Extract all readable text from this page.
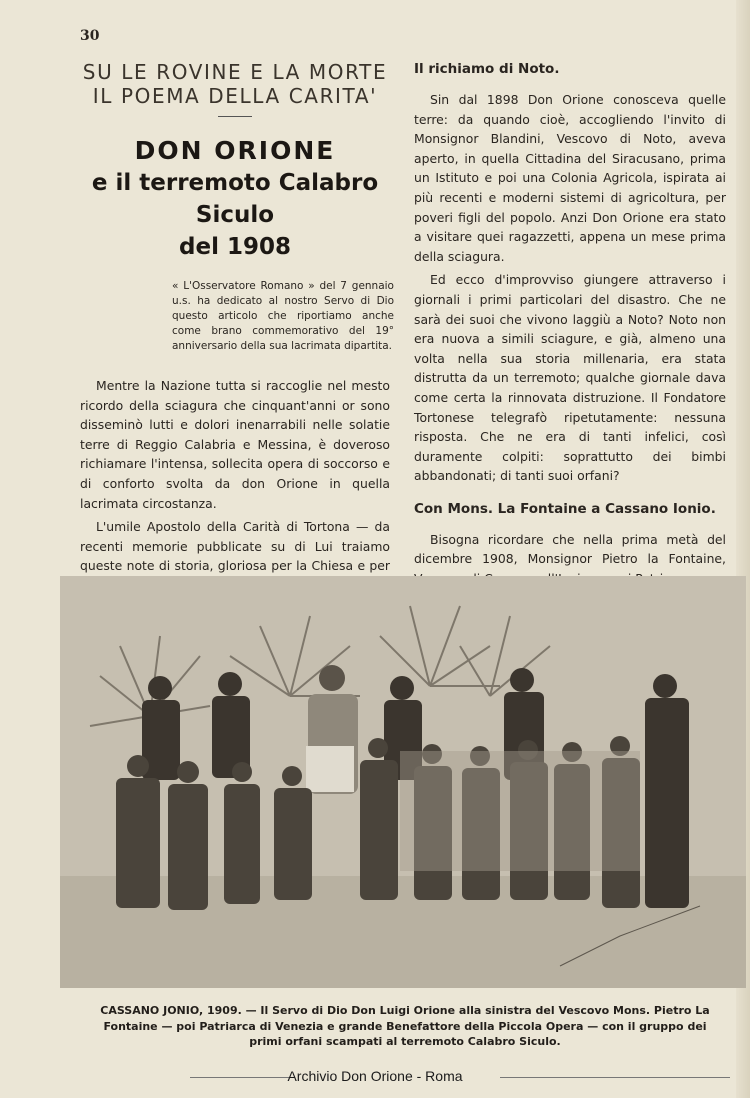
30

SU LE ROVINE E LA MORTE

IL POEMA DELLA CARITA'

DON ORIONE

e il terremoto Calabro Siculo

del 1908

« L'Osservatore Romano » del 7 gennaio u.s. ha dedicato al nostro Servo di Dio questo articolo che riportiamo anche come brano commemorativo del 19° anniversario della sua lacrimata dipartita.

Mentre la Nazione tutta si raccoglie nel mesto ricordo della sciagura che cinquant'anni or sono disseminò lutti e dolori inenarrabili nelle solatie terre di Reggio Calabria e Messina, è doveroso richiamare l'intensa, sollecita opera di soccorso e di conforto svolta da don Orione in quella lacrimata circostanza.

L'umile Apostolo della Carità di Tortona — da recenti memorie pubblicate su di Lui traiamo queste note di storia, gloriosa per la Chiesa e per

Il richiamo di Noto.

Sin dal 1898 Don Orione conosceva quelle terre: da quando cioè, accogliendo l'invito di Monsignor Blandini, Vescovo di Noto, aveva aperto, in quella Cittadina del Siracusano, prima un Istituto e poi una Colonia Agricola, ispirata ai più recenti e moderni sistemi di agricoltura, per poveri figli del popolo. Anzi Don Orione era stato a visitare quei ragazzetti, appena un mese prima della sciagura.

Ed ecco d'improvviso giungere attraverso i giornali i primi particolari del disastro. Che ne sarà dei suoi che vivono laggiù a Noto? Noto non era nuova a simili sciagure, e già, almeno una volta nella sua storia millenaria, era stata distrutta da un terremoto; qualche giornale dava come certa la rinnovata distruzione. Il Fondatore Tortonese telegrafò ripetutamente: nessuna risposta. Che ne era di tanti infelici, così duramente colpiti: soprattutto dei bimbi abbandonati; di tanti suoi orfani?

Con Mons. La Fontaine a Cassano Ionio.

Bisogna ricordare che nella prima metà del dicembre 1908, Monsignor Pietro la Fontaine,

CASSANO JONIO, 1909. — Il Servo di Dio Don Luigi Orione alla sinistra del Vescovo Mons. Pietro La Fontaine — poi Patriarca di Venezia e grande Benefattore della Piccola Opera — con il gruppo dei primi orfani scampati al terremoto Calabro Siculo.
Archivio Don Orione - Roma
